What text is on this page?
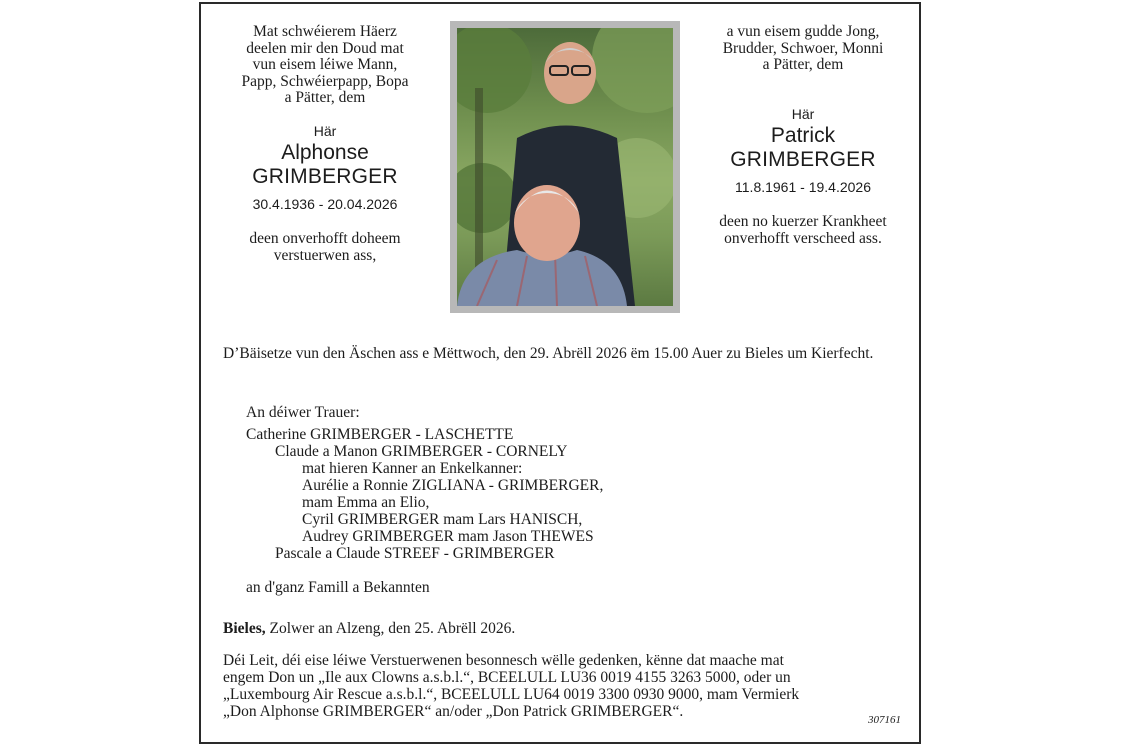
Mat schwéierem Häerz
deelen mir den Doud mat
vun eisem léiwe Mann,
Papp, Schwéierpapp, Bopa
a Pätter, dem
Här
Alphonse
GRIMBERGER
30.4.1936 - 20.04.2026
deen onverhofft doheem
verstuerwen ass,
a vun eisem gudde Jong,
Brudder, Schwoer, Monni
a Pätter, dem
Här
Patrick
GRIMBERGER
11.8.1961 - 19.4.2026
deen no kuerzer Krankheet
onverhofft verscheed ass.
D’Bäisetze vun den Äschen ass e Mëttwoch, den 29. Abrëll 2026 ëm 15.00 Auer zu Bieles um Kierfecht.
An déiwer Trauer:
Catherine GRIMBERGER - LASCHETTE
Claude a Manon GRIMBERGER - CORNELY
mat hieren Kanner an Enkelkanner:
Aurélie a Ronnie ZIGLIANA - GRIMBERGER,
mam Emma an Elio,
Cyril GRIMBERGER mam Lars HANISCH,
Audrey GRIMBERGER mam Jason THEWES
Pascale a Claude STREEF - GRIMBERGER
an d'ganz Famill a Bekannten
Bieles, Zolwer an Alzeng, den 25. Abrëll 2026.
Déi Leit, déi eise léiwe Verstuerwenen besonnesch wëlle gedenken, kënne dat maache mat
engem Don un „Ile aux Clowns a.s.b.l.“, BCEELULL LU36 0019 4155 3263 5000, oder un
„Luxembourg Air Rescue a.s.b.l.“, BCEELULL LU64 0019 3300 0930 9000, mam Vermierk
„Don Alphonse GRIMBERGER“ an/oder „Don Patrick GRIMBERGER“.	307161
